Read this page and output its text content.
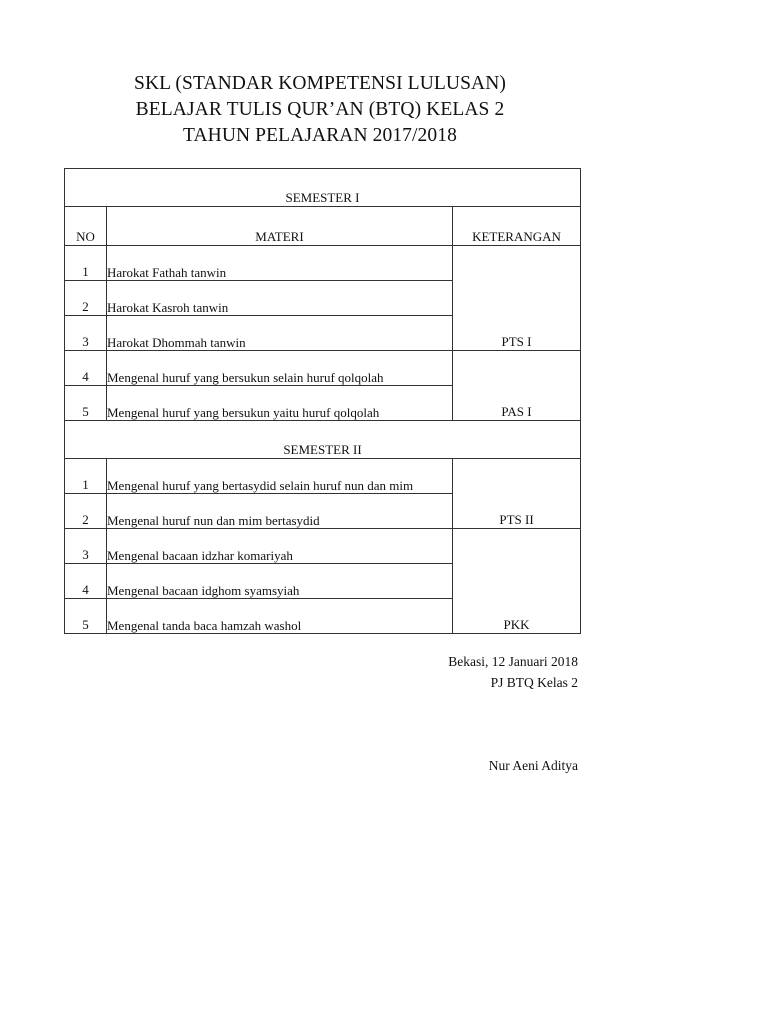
SKL (STANDAR KOMPETENSI LULUSAN)
BELAJAR TULIS QUR’AN (BTQ) KELAS 2
TAHUN PELAJARAN 2017/2018
SEMESTER I		
NO	MATERI	KETERANGAN
1	Harokat Fathah tanwin	PTS I
2	Harokat Kasroh tanwin	
3	Harokat Dhommah tanwin	
4	Mengenal huruf yang bersukun selain huruf qolqolah	PAS I
5	Mengenal huruf yang bersukun yaitu huruf qolqolah	
SEMESTER II		
1	Mengenal huruf yang bertasydid selain huruf nun dan mim	PTS II
2	Mengenal huruf nun dan mim bertasydid	
3	Mengenal bacaan idzhar komariyah	PKK
4	Mengenal bacaan idghom syamsyiah	
5	Mengenal tanda baca hamzah washol	
Bekasi, 12 Januari 2018
PJ BTQ Kelas 2
Nur Aeni Aditya
